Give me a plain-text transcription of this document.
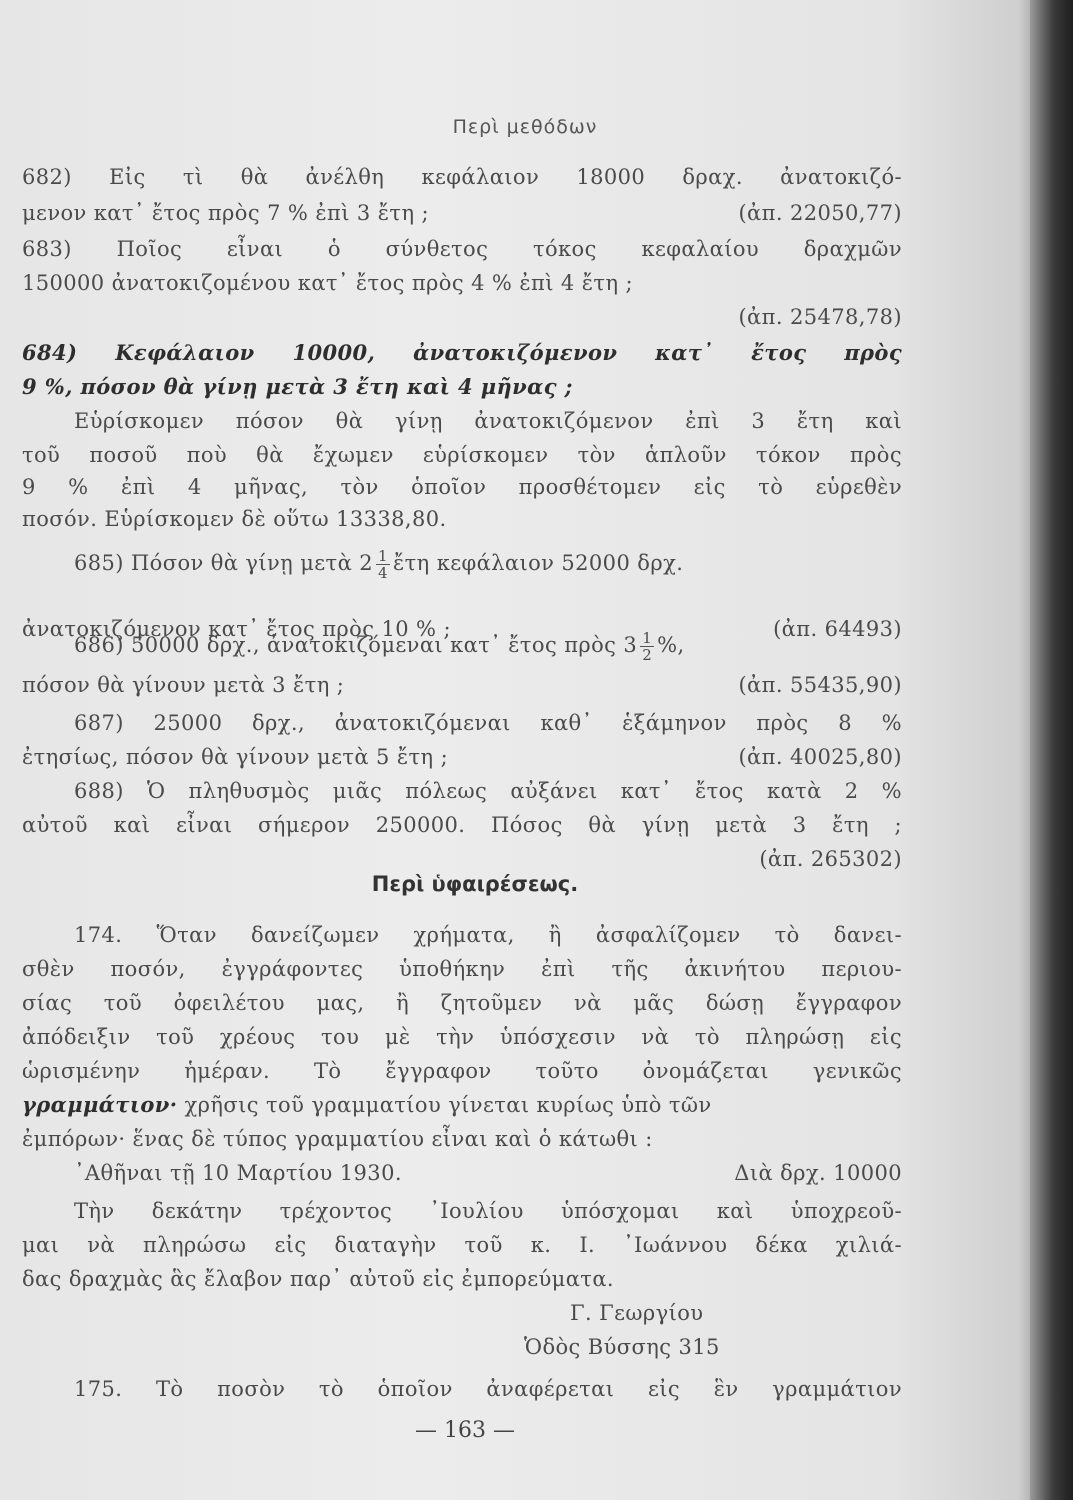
Περὶ μεθόδων
682) Εἰς τὶ θὰ ἀνέλθη κεφάλαιον 18000 δραχ. ἀνατοκιζό-
μενον κατ᾿ ἔτος πρὸς 7 % ἐπὶ 3 ἔτη ;	(ἀπ. 22050,77)
683) Ποῖος εἶναι ὁ σύνθετος τόκος κεφαλαίου δραχμῶν
150000 ἀνατοκιζομένου κατ᾿ ἔτος πρὸς 4 % ἐπὶ 4 ἔτη ;
(ἀπ. 25478,78)
684) Κεφάλαιον 10000, ἀνατοκιζόμενον κατ᾿ ἔτος πρὸς
9 %, πόσον θὰ γίνῃ μετὰ 3 ἔτη καὶ 4 μῆνας ;
Εὑρίσκομεν πόσον θὰ γίνῃ ἀνατοκιζόμενον ἐπὶ 3 ἔτη καὶ
τοῦ ποσοῦ ποὺ θὰ ἔχωμεν εὑρίσκομεν τὸν ἁπλοῦν τόκον πρὸς
9 % ἐπὶ 4 μῆνας, τὸν ὁποῖον προσθέτομεν εἰς τὸ εὑρεθὲν
ποσόν. Εὑρίσκομεν δὲ οὕτω 13338,80.
ἀνατοκιζόμενον κατ᾿ ἔτος πρὸς 10 % ;	(ἀπ. 64493)
πόσον θὰ γίνουν μετὰ 3 ἔτη ;	(ἀπ. 55435,90)
687) 25000 δρχ., ἀνατοκιζόμεναι καθ᾿ ἑξάμηνον πρὸς 8 %
ἐτησίως, πόσον θὰ γίνουν μετὰ 5 ἔτη ;	(ἀπ. 40025,80)
688) Ὁ πληθυσμὸς μιᾶς πόλεως αὐξάνει κατ᾿ ἔτος κατὰ 2 %
αὐτοῦ καὶ εἶναι σήμερον 250000. Πόσος θὰ γίνῃ μετὰ 3 ἔτη ;
(ἀπ. 265302)
174. Ὅταν δανείζωμεν χρήματα, ἢ ἀσφαλίζομεν τὸ δανει-
σθὲν ποσόν, ἐγγράφοντες ὑποθήκην ἐπὶ τῆς ἀκινήτου περιου-
σίας τοῦ ὀφειλέτου μας, ἢ ζητοῦμεν νὰ μᾶς δώσῃ ἔγγραφον
ἀπόδειξιν τοῦ χρέους του μὲ τὴν ὑπόσχεσιν νὰ τὸ πληρώσῃ εἰς
ὡρισμένην ἡμέραν. Τὸ ἔγγραφον τοῦτο ὀνομάζεται γενικῶς
ἐμπόρων· ἕνας δὲ τύπος γραμματίου εἶναι καὶ ὁ κάτωθι :
᾿Αθῆναι τῇ 10 Μαρτίου 1930.	Διὰ δρχ. 10000
Τὴν δεκάτην τρέχοντος ᾿Ιουλίου ὑπόσχομαι καὶ ὑποχρεοῦ-
μαι νὰ πληρώσω εἰς διαταγὴν τοῦ κ. Ι. ᾿Ιωάννου δέκα χιλιά-
δας δραχμὰς ἃς ἔλαβον παρ᾿ αὐτοῦ εἰς ἐμπορεύματα.
Γ. Γεωργίου
Ὁδὸς Βύσσης 315
175. Τὸ ποσὸν τὸ ὁποῖον ἀναφέρεται εἰς ἓν γραμμάτιον
685) Πόσον θὰ γίνῃ μετὰ $2 \frac{1}{4}$ ἔτη κεφάλαιον 52000 δρχ.
686) 50000 δρχ., ἀνατοκιζόμεναι κατ᾿ ἔτος πρὸς $3 \frac{1}{2}$ %,
γραμμάτιον· χρῆσις τοῦ γραμματίου γίνεται κυρίως ὑπὸ τῶν
Περὶ ὑφαιρέσεως.
— 163 —
